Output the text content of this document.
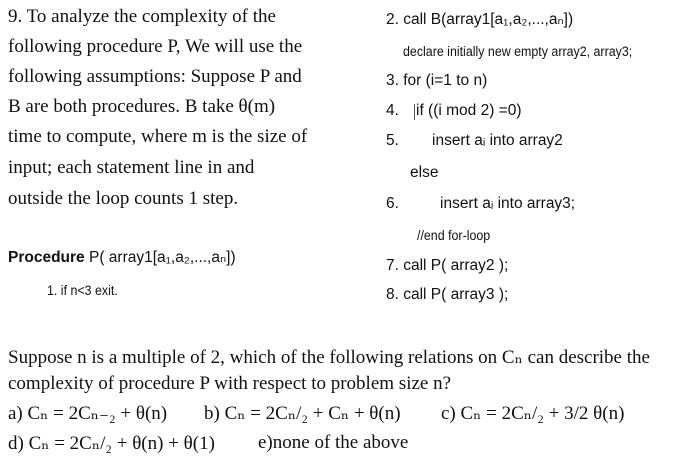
9. To analyze the complexity of the
following procedure P, We will use the
following assumptions: Suppose P and
B are both procedures. B take θ(m)
time to compute, where m is the size of
input; each statement line in and
outside the loop counts 1 step.
Procedure P( array1[a₁,a₂,...,aₙ])
1. if n<3 exit.
2. call B(array1[a₁,a₂,...,aₙ])
declare initially new empty array2, array3;
3. for (i=1 to n)
4. if ((i mod 2) =0)
5. insert aᵢ into array2
else
6.	insert aᵢ into array3;
//end for-loop
7. call P( array2 );
8. call P( array3 );
Suppose n is a multiple of 2, which of the following relations on Cₙ can describe the
complexity of procedure P with respect to problem size n?
a) Cₙ = 2Cₙ₋₂ + θ(n) b) Cₙ = 2Cₙ/₂ + Cₙ + θ(n) c) Cₙ = 2Cₙ/₂ + 3/2 θ(n)
d) Cₙ = 2Cₙ/₂ + θ(n) + θ(1) e)none of the above
